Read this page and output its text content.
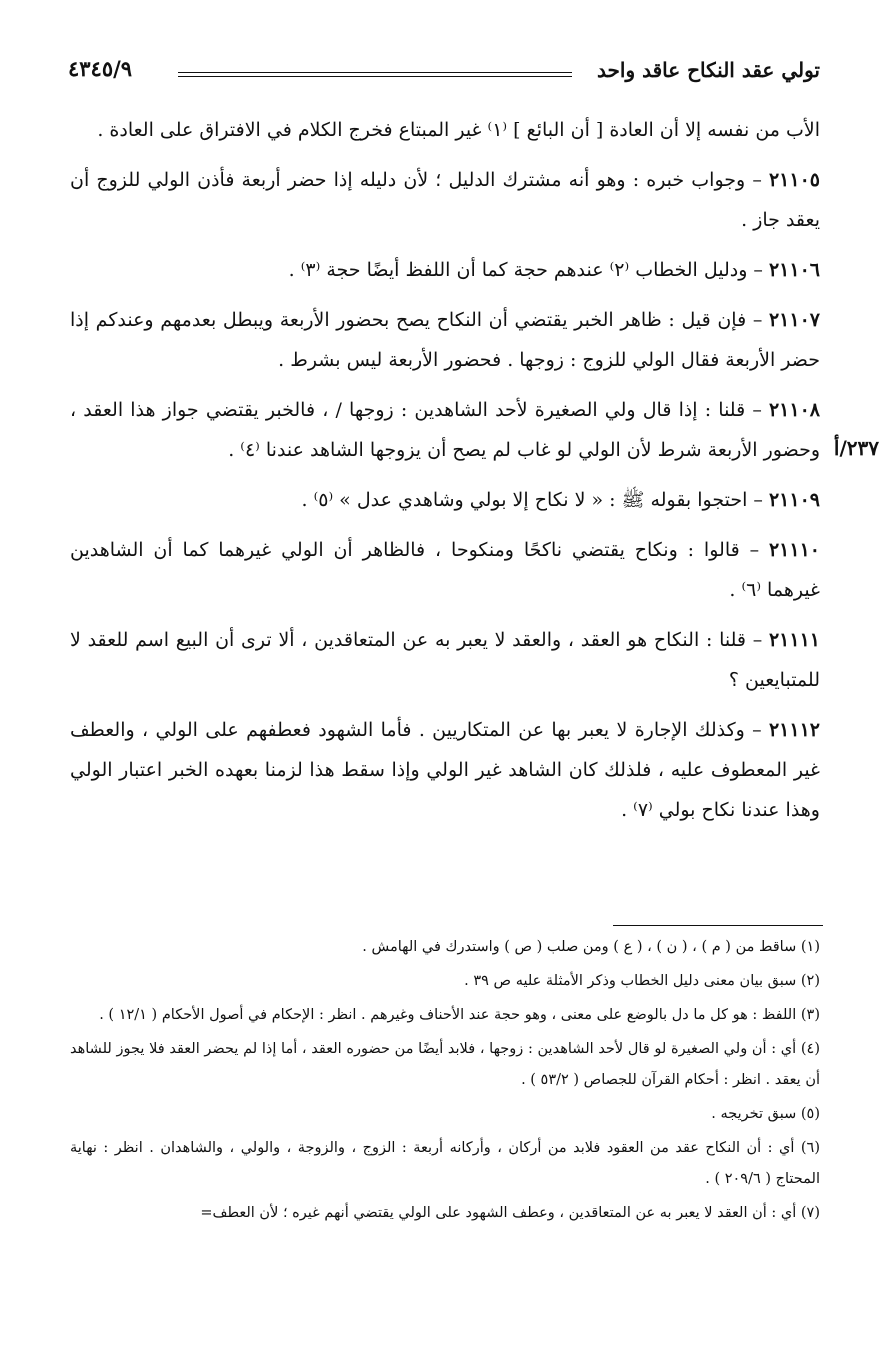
تولي عقد النكاح عاقد واحد
٤٣٤٥/٩
٢٣٧/أ

الأب من نفسه إلا أن العادة [ أن البائع ] ⁽١⁾ غير المبتاع فخرج الكلام في الافتراق على العادة .

٢١١٠٥ – وجواب خبره : وهو أنه مشترك الدليل ؛ لأن دليله إذا حضر أربعة فأذن الولي للزوج أن يعقد جاز .

٢١١٠٦ – ودليل الخطاب ⁽٢⁾ عندهم حجة كما أن اللفظ أيضًا حجة ⁽٣⁾ .

٢١١٠٧ – فإن قيل : ظاهر الخبر يقتضي أن النكاح يصح بحضور الأربعة ويبطل بعدمهم وعندكم إذا حضر الأربعة فقال الولي للزوج : زوجها . فحضور الأربعة ليس بشرط .

٢١١٠٨ – قلنا : إذا قال ولي الصغيرة لأحد الشاهدين : زوجها / ، فالخبر يقتضي جواز هذا العقد ، وحضور الأربعة شرط لأن الولي لو غاب لم يصح أن يزوجها الشاهد عندنا ⁽٤⁾ .

٢١١٠٩ – احتجوا بقوله ﷺ : « لا نكاح إلا بولي وشاهدي عدل » ⁽٥⁾ .

٢١١١٠ – قالوا : ونكاح يقتضي ناكحًا ومنكوحا ، فالظاهر أن الولي غيرهما كما أن الشاهدين غيرهما ⁽٦⁾ .

٢١١١١ – قلنا : النكاح هو العقد ، والعقد لا يعبر به عن المتعاقدين ، ألا ترى أن البيع اسم للعقد لا للمتبايعين ؟

٢١١١٢ – وكذلك الإجارة لا يعبر بها عن المتكاريين . فأما الشهود فعطفهم على الولي ، والعطف غير المعطوف عليه ، فلذلك كان الشاهد غير الولي وإذا سقط هذا لزمنا بعهده الخبر اعتبار الولي وهذا عندنا نكاح بولي ⁽٧⁾ .

(١) ساقط من ( م ) ، ( ن ) ، ( ع ) ومن صلب ( ص ) واستدرك في الهامش .

(٢) سبق بيان معنى دليل الخطاب وذكر الأمثلة عليه ص ٣٩ .

(٣) اللفظ : هو كل ما دل بالوضع على معنى ، وهو حجة عند الأحناف وغيرهم . انظر : الإحكام في أصول الأحكام ( ١٢/١ ) .

(٤) أي : أن ولي الصغيرة لو قال لأحد الشاهدين : زوجها ، فلابد أيضًا من حضوره العقد ، أما إذا لم يحضر العقد فلا يجوز للشاهد أن يعقد . انظر : أحكام القرآن للجصاص ( ٥٣/٢ ) .

(٥) سبق تخريجه .

(٦) أي : أن النكاح عقد من العقود فلابد من أركان ، وأركانه أربعة : الزوج ، والزوجة ، والولي ، والشاهدان . انظر : نهاية المحتاج ( ٢٠٩/٦ ) .

(٧) أي : أن العقد لا يعبر به عن المتعاقدين ، وعطف الشهود على الولي يقتضي أنهم غيره ؛ لأن العطف=
